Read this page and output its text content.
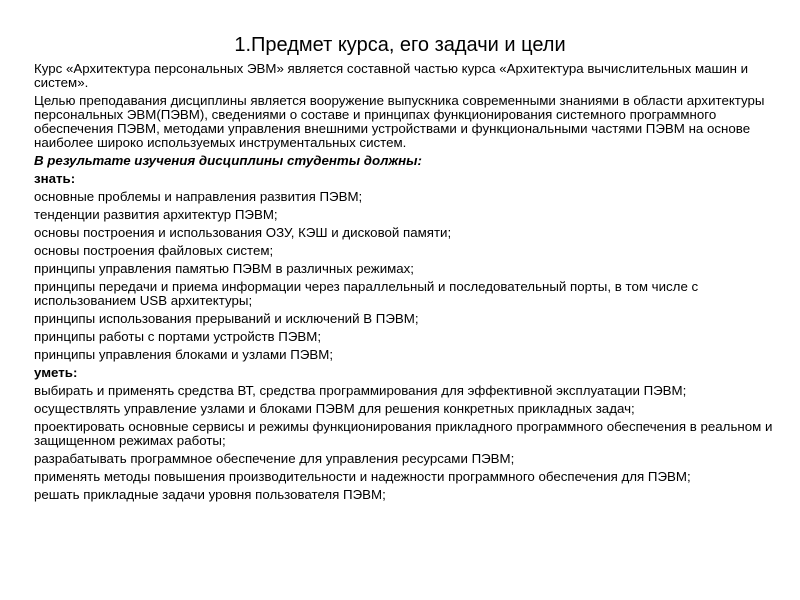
1.Предмет курса, его задачи и цели

Курс «Архитектура персональных ЭВМ» является составной частью курса «Архитектура вычислительных машин и систем».

Целью преподавания дисциплины является вооружение выпускника современными знаниями в области архитектуры персональных ЭВМ(ПЭВМ), сведениями о составе и принципах функционирования системного программного обеспечения ПЭВМ, методами управления внешними устройствами и функциональными частями ПЭВМ на основе наиболее широко используемых инструментальных систем.

В результате изучения дисциплины студенты должны:

знать:

основные проблемы и направления развития ПЭВМ;

тенденции развития архитектур ПЭВМ;

основы построения и использования ОЗУ, КЭШ и дисковой памяти;

основы построения файловых систем;

принципы управления памятью ПЭВМ в различных режимах;

принципы передачи и приема информации через параллельный и последовательный порты, в том числе с использованием USB архитектуры;

принципы использования прерываний и исключений В ПЭВМ;

принципы работы с портами устройств ПЭВМ;

принципы управления блоками и узлами ПЭВМ;

уметь:

выбирать и применять средства ВТ, средства программирования для эффективной эксплуатации ПЭВМ;

осуществлять управление узлами и блоками ПЭВМ для решения конкретных прикладных задач;

проектировать основные сервисы и режимы функционирования прикладного программного обеспечения в реальном и защищенном режимах работы;

разрабатывать программное обеспечение для управления ресурсами ПЭВМ;

применять методы повышения производительности и надежности программного обеспечения для ПЭВМ;

решать прикладные задачи уровня пользователя ПЭВМ;
